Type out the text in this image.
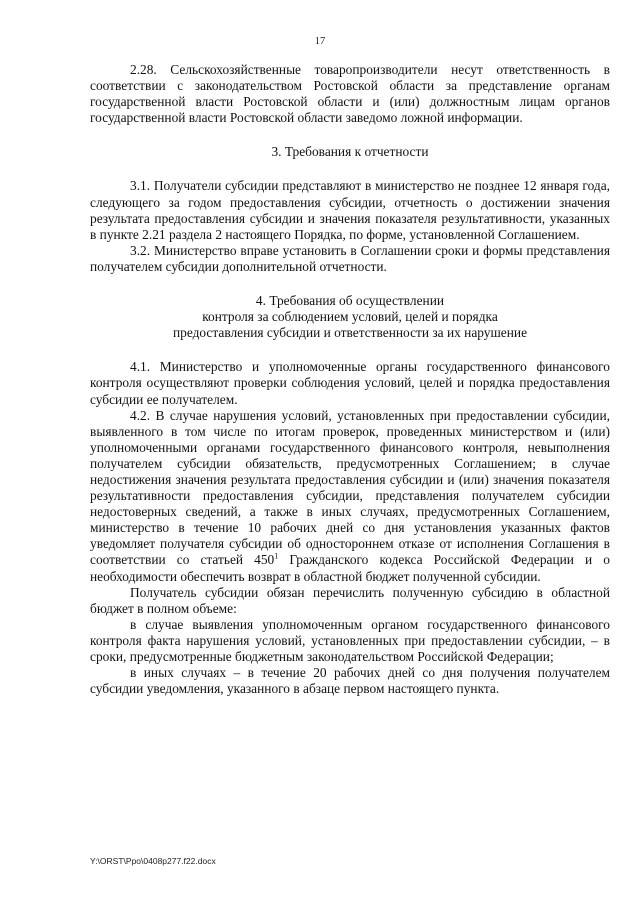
17

2.28. Сельскохозяйственные товаропроизводители несут ответственность в соответствии с законодательством Ростовской области за представление органам государственной власти Ростовской области и (или) должностным лицам органов государственной власти Ростовской области заведомо ложной информации.

3. Требования к отчетности

3.1. Получатели субсидии представляют в министерство не позднее 12 января года, следующего за годом предоставления субсидии, отчетность о достижении значения результата предоставления субсидии и значения показателя результативности, указанных в пункте 2.21 раздела 2 настоящего Порядка, по форме, установленной Соглашением.

3.2. Министерство вправе установить в Соглашении сроки и формы представления получателем субсидии дополнительной отчетности.

4. Требования об осуществлении
контроля за соблюдением условий, целей и порядка
предоставления субсидии и ответственности за их нарушение

4.1. Министерство и уполномоченные органы государственного финансового контроля осуществляют проверки соблюдения условий, целей и порядка предоставления субсидии ее получателем.

4.2. В случае нарушения условий, установленных при предоставлении субсидии, выявленного в том числе по итогам проверок, проведенных министерством и (или) уполномоченными органами государственного финансового контроля, невыполнения получателем субсидии обязательств, предусмотренных Соглашением; в случае недостижения значения результата предоставления субсидии и (или) значения показателя результативности предоставления субсидии, представления получателем субсидии недостоверных сведений, а также в иных случаях, предусмотренных Соглашением, министерство в течение 10 рабочих дней со дня установления указанных фактов уведомляет получателя субсидии об одностороннем отказе от исполнения Соглашения в соответствии со статьей $450^1$ Гражданского кодекса Российской Федерации и о необходимости обеспечить возврат в областной бюджет полученной субсидии.

Получатель субсидии обязан перечислить полученную субсидию в областной бюджет в полном объеме:

в случае выявления уполномоченным органом государственного финансового контроля факта нарушения условий, установленных при предоставлении субсидии, – в сроки, предусмотренные бюджетным законодательством Российской Федерации;

в иных случаях – в течение 20 рабочих дней со дня получения получателем субсидии уведомления, указанного в абзаце первом настоящего пункта.

Y:\ORST\Ppo\0408p277.f22.docx
